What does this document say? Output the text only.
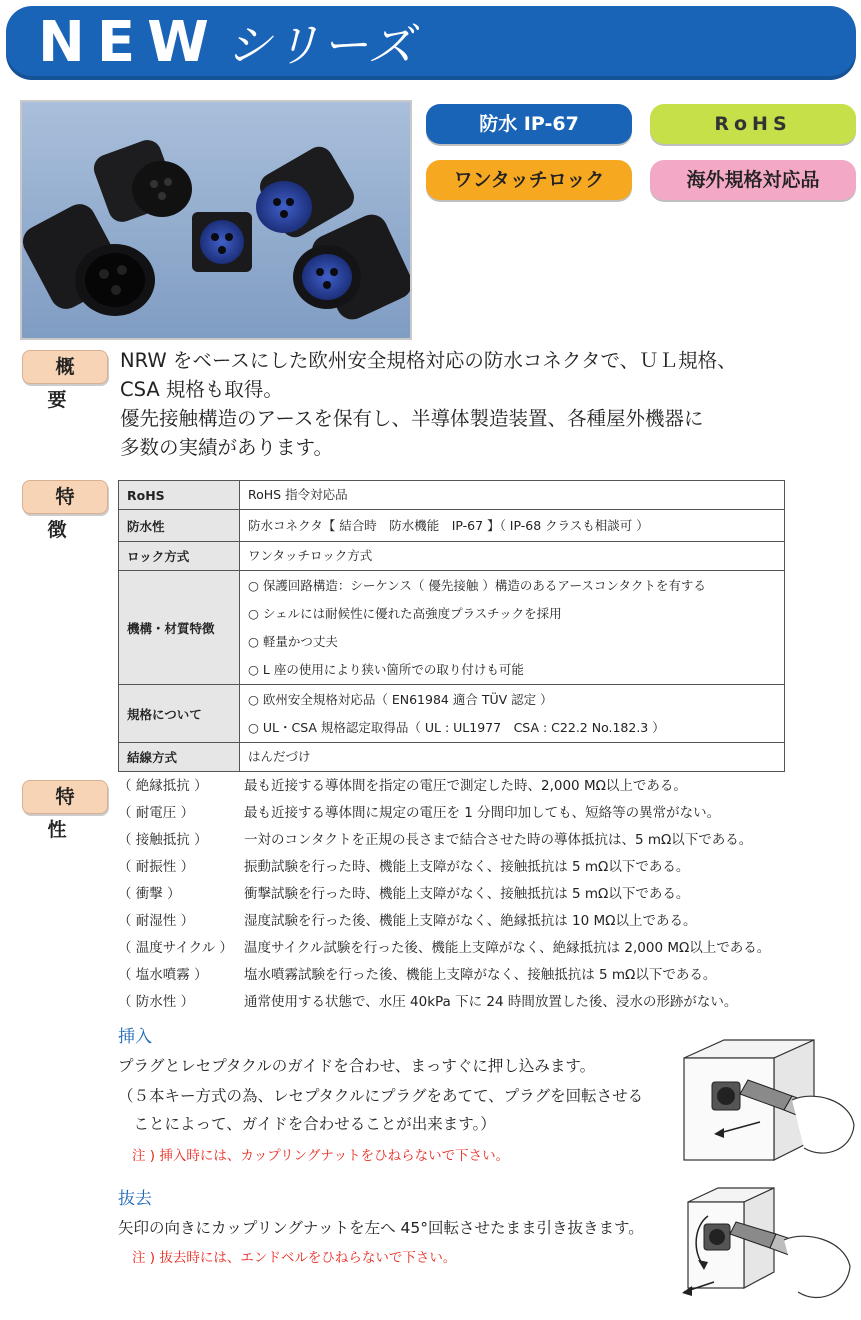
NEW シリーズ
防水 IP-67	RoHS
ワンタッチロック	海外規格対応品
概要
NRW をベースにした欧州安全規格対応の防水コネクタで、ＵＬ規格、
CSA 規格も取得。
優先接触構造のアースを保有し、半導体製造装置、各種屋外機器に
多数の実績があります。
特徴
RoHS	RoHS 指令対応品

防水性	防水コネクタ【 結合時　防水機能　IP-67 】（ IP-68 クラスも相談可 ）

ロック方式	ワンタッチロック方式

機構・材質特徴	○ 保護回路構造：シーケンス（ 優先接触 ）構造のあるアースコンタクトを有する
○ シェルには耐候性に優れた高強度プラスチックを採用
○ 軽量かつ丈夫
○ L 座の使用により狭い箇所での取り付けも可能

規格について	○ 欧州安全規格対応品（ EN61984 適合 TÜV 認定 ）
○ UL・CSA 規格認定取得品（ UL : UL1977　CSA : C22.2 No.182.3 ）

結線方式	はんだづけ
特性
（ 絶縁抵抗 ）	最も近接する導体間を指定の電圧で測定した時、2,000 MΩ以上である。
（ 耐電圧 ）	最も近接する導体間に規定の電圧を 1 分間印加しても、短絡等の異常がない。
（ 接触抵抗 ）	一対のコンタクトを正規の長さまで結合させた時の導体抵抗は、5 mΩ以下である。
（ 耐振性 ）	振動試験を行った時、機能上支障がなく、接触抵抗は 5 mΩ以下である。
（ 衝撃 ）	衝撃試験を行った時、機能上支障がなく、接触抵抗は 5 mΩ以下である。
（ 耐湿性 ）	湿度試験を行った後、機能上支障がなく、絶縁抵抗は 10 MΩ以上である。
（ 温度サイクル ） 温度サイクル試験を行った後、機能上支障がなく、絶縁抵抗は 2,000 MΩ以上である。
（ 塩水噴霧 ）	塩水噴霧試験を行った後、機能上支障がなく、接触抵抗は 5 mΩ以下である。
（ 防水性 ）	通常使用する状態で、水圧 40kPa 下に 24 時間放置した後、浸水の形跡がない。
挿入
プラグとレセプタクルのガイドを合わせ、まっすぐに押し込みます。
（５本キー方式の為、レセプタクルにプラグをあてて、プラグを回転させる
　ことによって、ガイドを合わせることが出来ます。）
注 ) 挿入時には、カップリングナットをひねらないで下さい。
抜去
矢印の向きにカップリングナットを左へ 45°回転させたまま引き抜きます。
注 ) 抜去時には、エンドベルをひねらないで下さい。
